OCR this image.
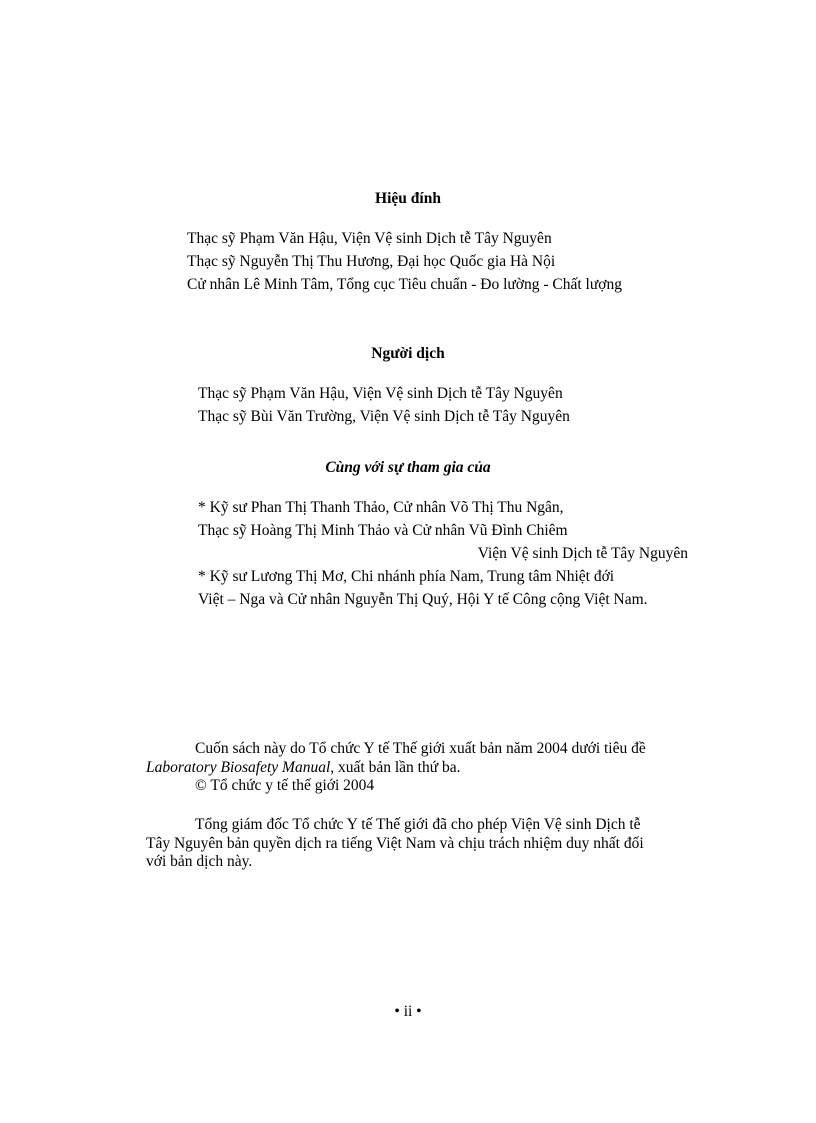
Hiệu đính
Thạc sỹ Phạm Văn Hậu, Viện Vệ sinh Dịch tễ Tây Nguyên
Thạc sỹ Nguyễn Thị Thu Hương, Đại học Quốc gia Hà Nội
Cử nhân Lê Minh Tâm, Tổng cục Tiêu chuẩn - Đo lường - Chất lượng
Người dịch
Thạc sỹ Phạm Văn Hậu, Viện Vệ sinh Dịch tễ Tây Nguyên
Thạc sỹ Bùi Văn Trường, Viện Vệ sinh Dịch tễ Tây Nguyên
Cùng với sự tham gia của
* Kỹ sư Phan Thị Thanh Thảo, Cử nhân Võ Thị Thu Ngân,
Thạc sỹ Hoàng Thị Minh Thảo và Cử nhân Vũ Đình Chiêm
Viện Vệ sinh Dịch tễ Tây Nguyên
* Kỹ sư Lương Thị Mơ, Chi nhánh phía Nam, Trung tâm Nhiệt đới
Việt – Nga và Cử nhân Nguyễn Thị Quý, Hội Y tế Công cộng Việt Nam.
Cuốn sách này do Tổ chức Y tế Thế giới xuất bản năm 2004 dưới tiêu đề
Laboratory Biosafety Manual, xuất bản lần thứ ba.
© Tổ chức y tế thế giới 2004
Tổng giám đốc Tổ chức Y tế Thế giới đã cho phép Viện Vệ sinh Dịch tễ
Tây Nguyên bản quyền dịch ra tiếng Việt Nam và chịu trách nhiệm duy nhất đối
với bản dịch này.
• ii •
